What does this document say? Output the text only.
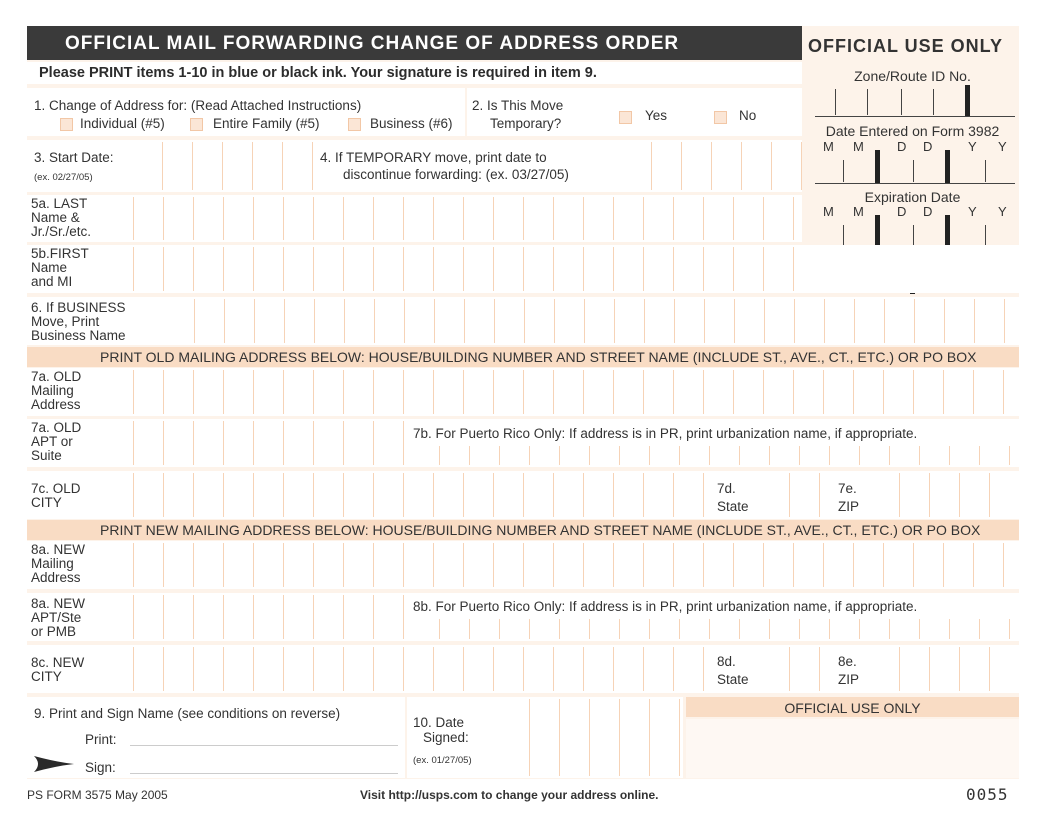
OFFICIAL MAIL FORWARDING CHANGE OF ADDRESS ORDER	OFFICIAL USE ONLY
Please PRINT items 1-10 in blue or black ink. Your signature is required in item 9.	Zone/Route ID No.
Date Entered on Form 3982
M M	D D	Y Y
Expiration Date
M M	D D	Y Y
1. Change of Address for: (Read Attached Instructions)
Individual (#5)	Entire Family (#5)	Business (#6)
2. Is This Move
Temporary?
Yes	No
3. Start Date:
(ex. 02/27/05)
4. If TEMPORARY move, print date to
discontinue forwarding: (ex. 03/27/05)
5a. LAST
Name &
Jr./Sr./etc.
5b.FIRST
Name
and MI
6. If BUSINESS
Move, Print
Business Name
PRINT OLD MAILING ADDRESS BELOW: HOUSE/BUILDING NUMBER AND STREET NAME (INCLUDE ST., AVE., CT., ETC.) OR PO BOX
7a. OLD
Mailing
Address
7a. OLD
APT or
Suite
7b. For Puerto Rico Only: If address is in PR, print urbanization name, if appropriate.
7c. OLD
CITY
7d.
State
7e.
ZIP
PRINT NEW MAILING ADDRESS BELOW: HOUSE/BUILDING NUMBER AND STREET NAME (INCLUDE ST., AVE., CT., ETC.) OR PO BOX
8a. NEW
Mailing
Address
8a. NEW
APT/Ste
or PMB
8b. For Puerto Rico Only: If address is in PR, print urbanization name, if appropriate.
8c. NEW
CITY
8d.
State
8e.
ZIP
9. Print and Sign Name (see conditions on reverse)
Print:
Sign:
10. Date
Signed:
(ex. 01/27/05)
OFFICIAL USE ONLY
PS FORM 3575 May 2005	Visit http://usps.com to change your address online.	0055
